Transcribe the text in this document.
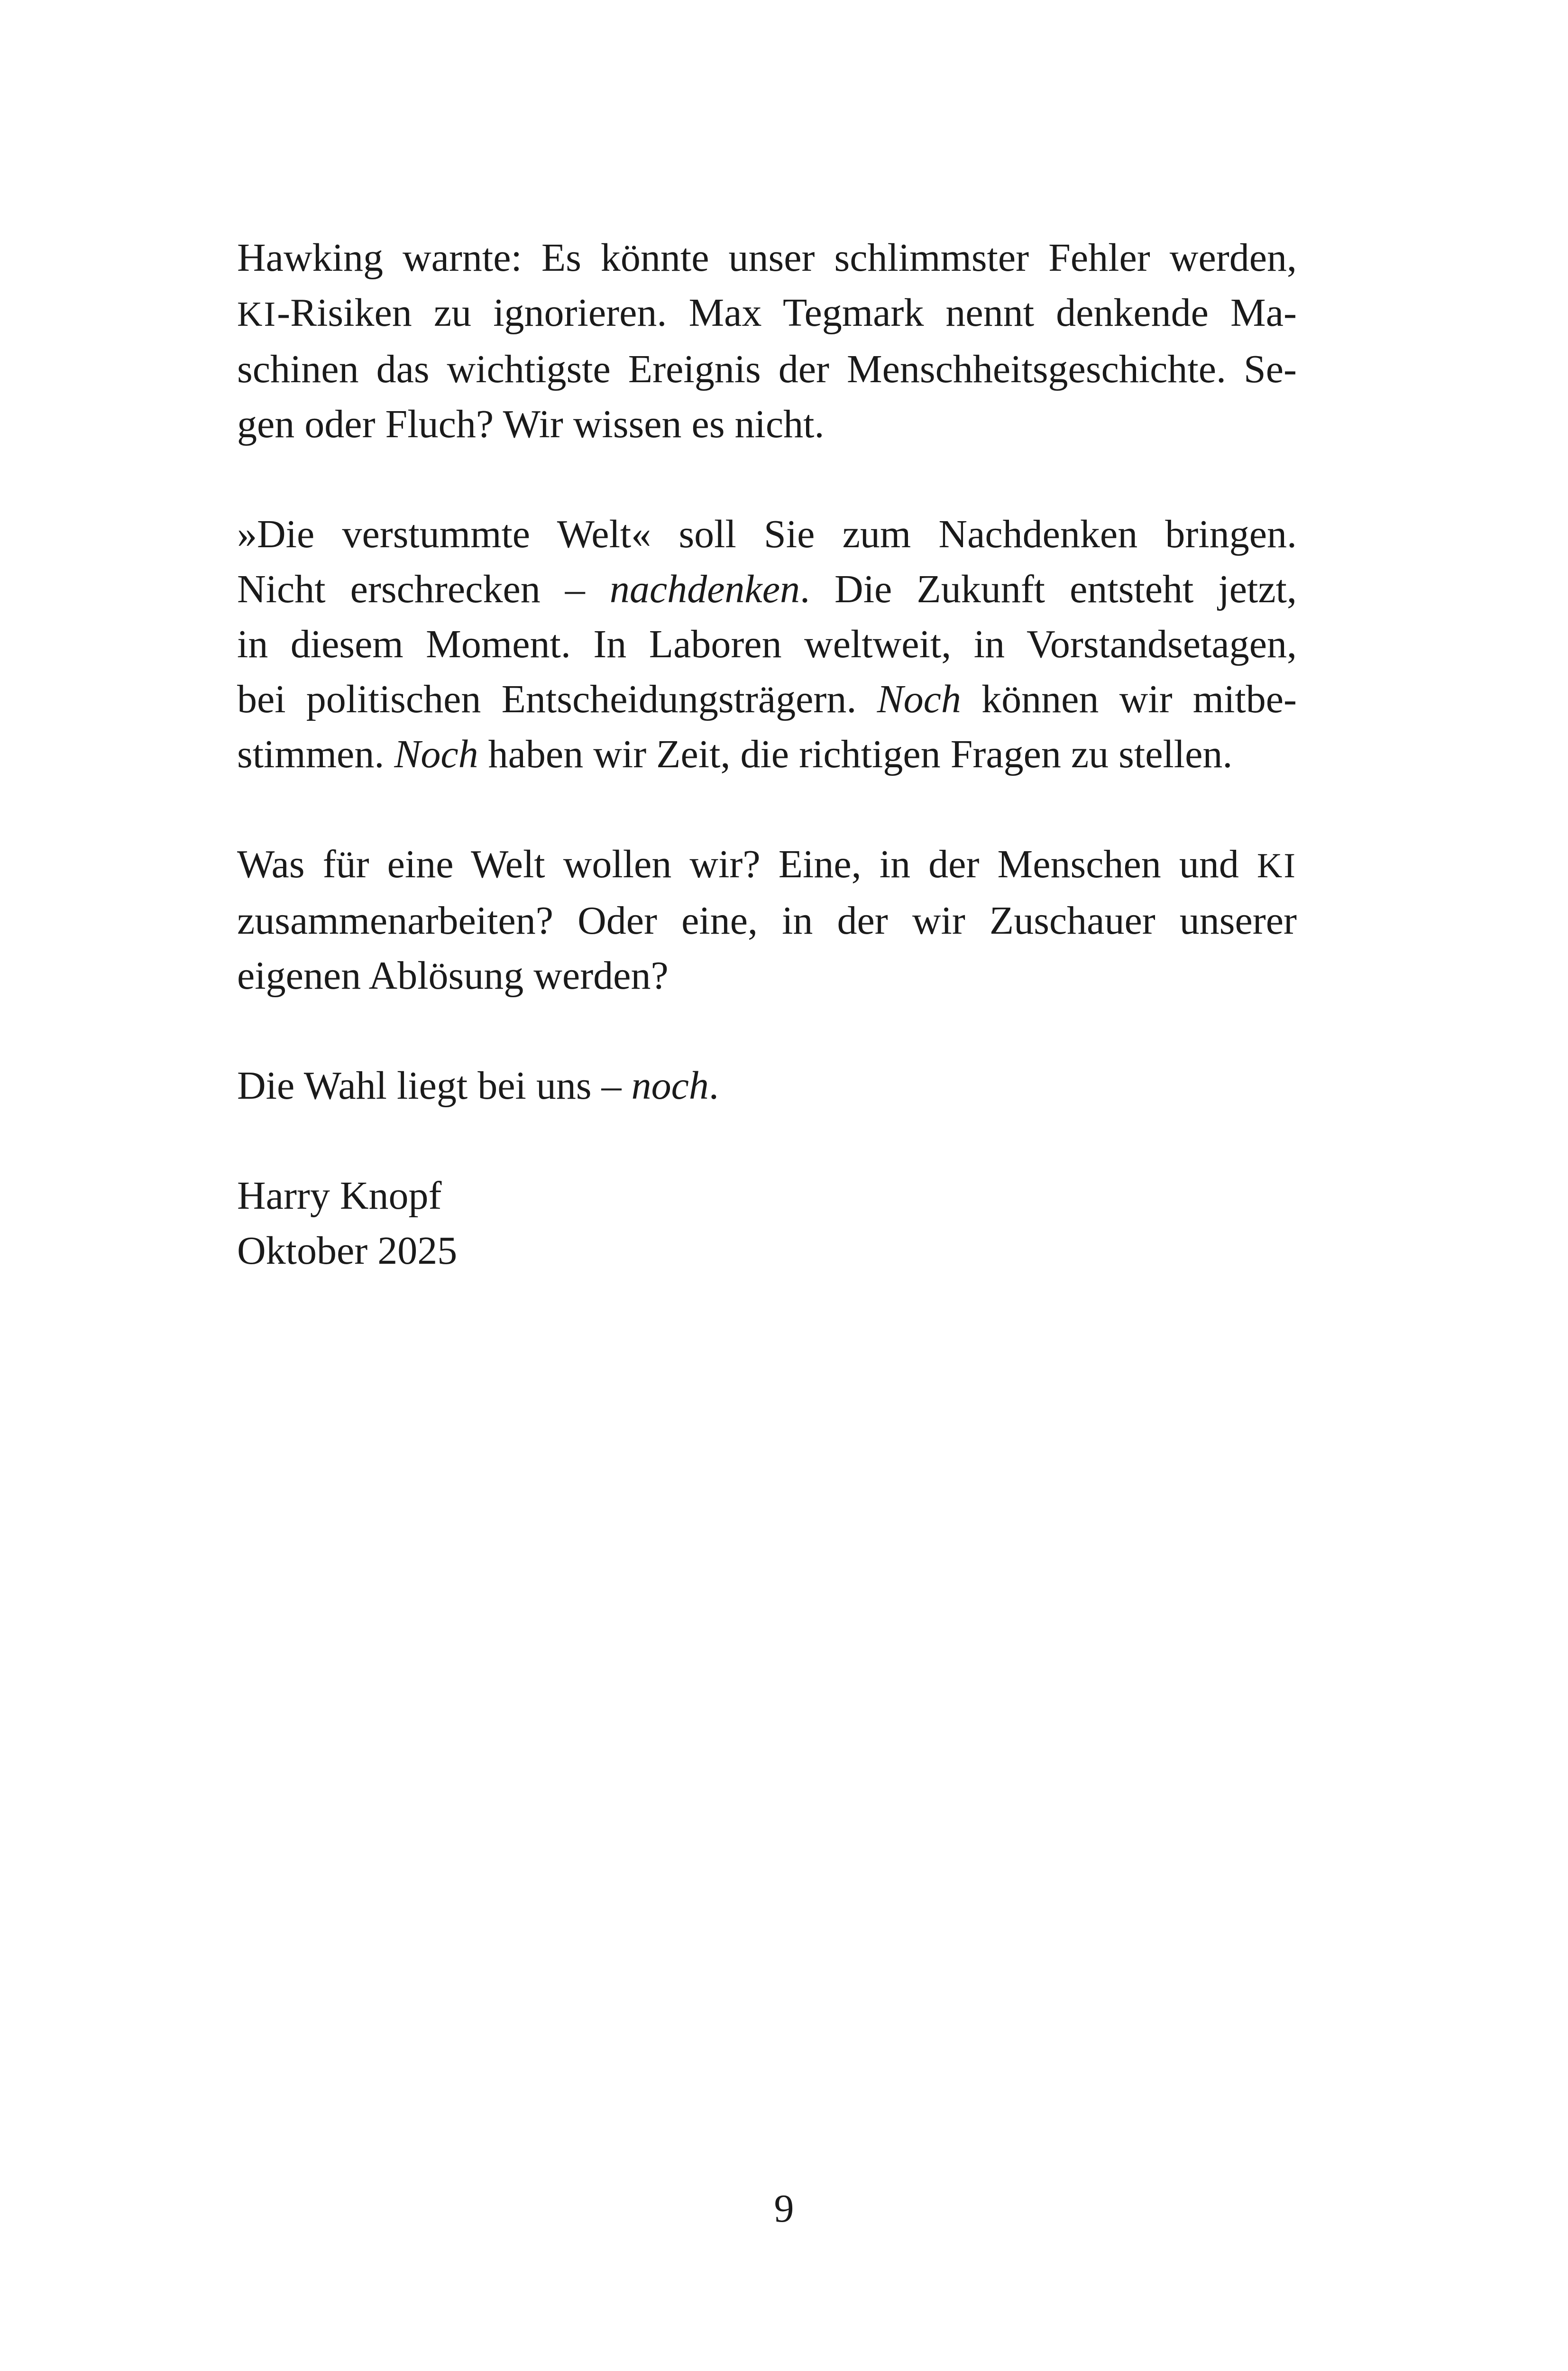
Hawking warnte: Es könnte unser schlimmster Fehler werden,
KI-Risiken zu ignorieren. Max Tegmark nennt denkende Ma-
schinen das wichtigste Ereignis der Menschheitsgeschichte. Se-
gen oder Fluch? Wir wissen es nicht.

»Die verstummte Welt« soll Sie zum Nachdenken bringen.
Nicht erschrecken – nachdenken. Die Zukunft entsteht jetzt,
in diesem Moment. In Laboren weltweit, in Vorstandsetagen,
bei politischen Entscheidungsträgern. Noch können wir mitbe-
stimmen. Noch haben wir Zeit, die richtigen Fragen zu stellen.

Was für eine Welt wollen wir? Eine, in der Menschen und KI
zusammenarbeiten? Oder eine, in der wir Zuschauer unserer
eigenen Ablösung werden?

Die Wahl liegt bei uns – noch.

Harry Knopf
Oktober 2025

9
